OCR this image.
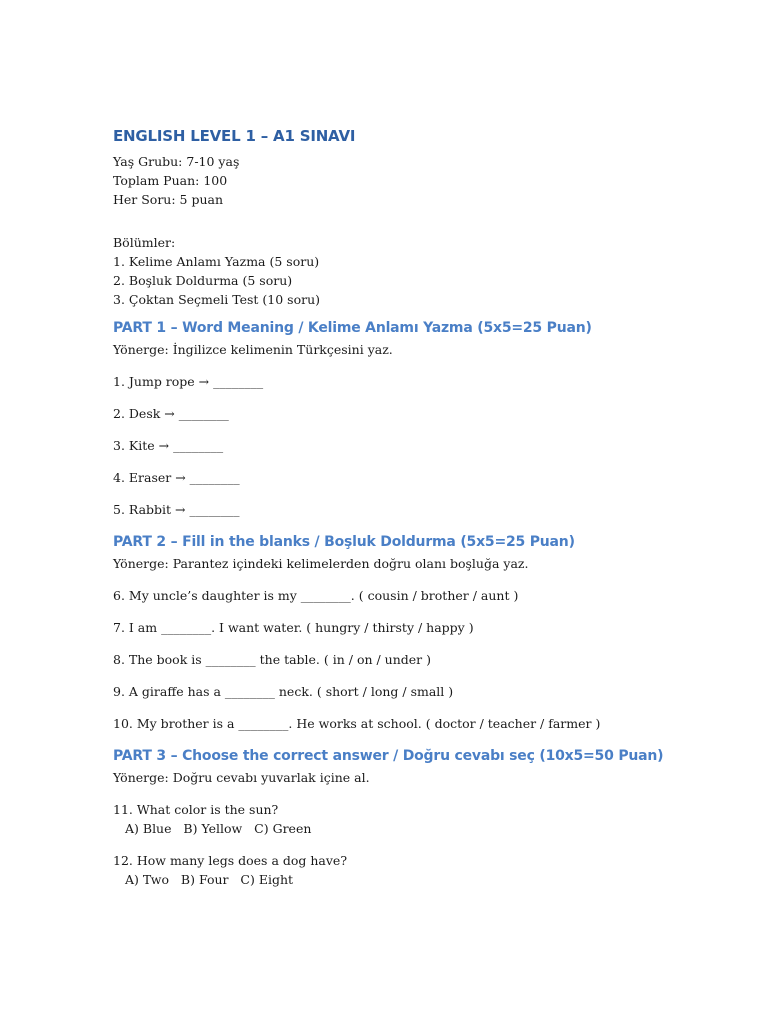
ENGLISH LEVEL 1 – A1 SINAVI

Yaş Grubu: 7-10 yaş

Toplam Puan: 100

Her Soru: 5 puan

Bölümler:

1. Kelime Anlamı Yazma (5 soru)

2. Boşluk Doldurma (5 soru)

3. Çoktan Seçmeli Test (10 soru)

PART 1 – Word Meaning / Kelime Anlamı Yazma (5x5=25 Puan)

Yönerge: İngilizce kelimenin Türkçesini yaz.

1. Jump rope → ________

2. Desk → ________

3. Kite → ________

4. Eraser → ________

5. Rabbit → ________

PART 2 – Fill in the blanks / Boşluk Doldurma (5x5=25 Puan)

Yönerge: Parantez içindeki kelimelerden doğru olanı boşluğa yaz.

6. My uncle’s daughter is my ________. ( cousin / brother / aunt )

7. I am ________. I want water. ( hungry / thirsty / happy )

8. The book is ________ the table. ( in / on / under )

9. A giraffe has a ________ neck. ( short / long / small )

10. My brother is a ________. He works at school. ( doctor / teacher / farmer )

PART 3 – Choose the correct answer / Doğru cevabı seç (10x5=50 Puan)

Yönerge: Doğru cevabı yuvarlak içine al.

11. What color is the sun?

A) Blue   B) Yellow   C) Green

12. How many legs does a dog have?

A) Two   B) Four   C) Eight
